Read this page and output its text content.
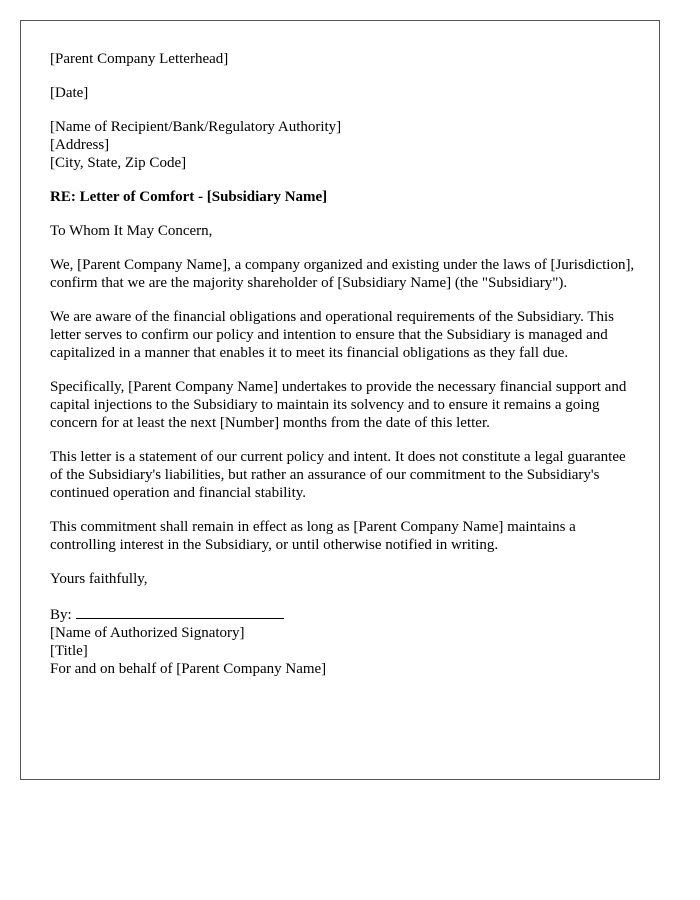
[Parent Company Letterhead]

[Date]

[Name of Recipient/Bank/Regulatory Authority]
[Address]
[City, State, Zip Code]

RE: Letter of Comfort - [Subsidiary Name]

To Whom It May Concern,

We, [Parent Company Name], a company organized and existing under the laws of [Jurisdiction], confirm that we are the majority shareholder of [Subsidiary Name] (the "Subsidiary").

We are aware of the financial obligations and operational requirements of the Subsidiary. This letter serves to confirm our policy and intention to ensure that the Subsidiary is managed and capitalized in a manner that enables it to meet its financial obligations as they fall due.

Specifically, [Parent Company Name] undertakes to provide the necessary financial support and capital injections to the Subsidiary to maintain its solvency and to ensure it remains a going concern for at least the next [Number] months from the date of this letter.

This letter is a statement of our current policy and intent. It does not constitute a legal guarantee of the Subsidiary's liabilities, but rather an assurance of our commitment to the Subsidiary's continued operation and financial stability.

This commitment shall remain in effect as long as [Parent Company Name] maintains a controlling interest in the Subsidiary, or until otherwise notified in writing.

Yours faithfully,

By:
[Name of Authorized Signatory]
[Title]
For and on behalf of [Parent Company Name]
